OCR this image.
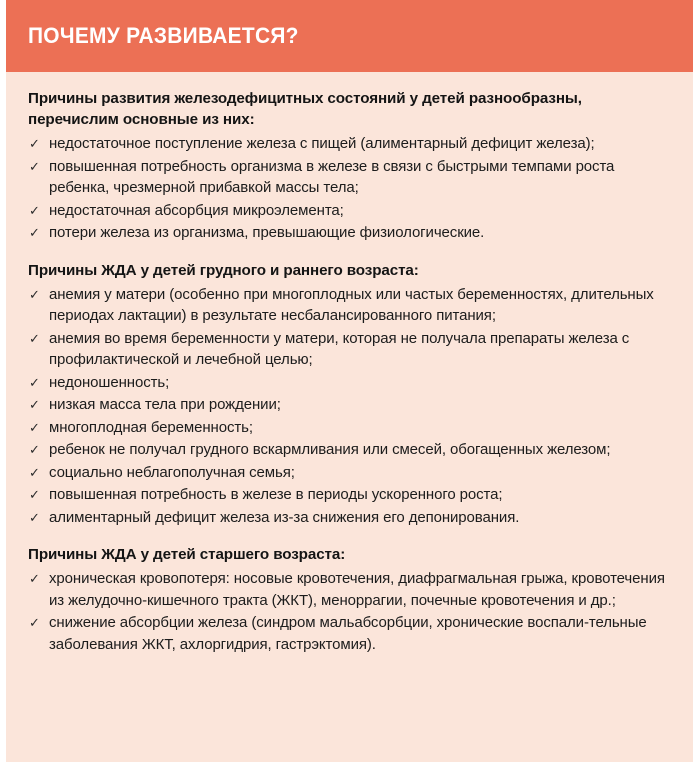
ПОЧЕМУ РАЗВИВАЕТСЯ?

Причины развития железодефицитных состояний у детей разнообразны, перечислим основные из них:

✓ недостаточное поступление железа с пищей (алиментарный дефицит железа);
✓ повышенная потребность организма в железе в связи с быстрыми темпами роста ребенка, чрезмерной прибавкой массы тела;
✓ недостаточная абсорбция микроэлемента;
✓ потери железа из организма, превышающие физиологические.

Причины ЖДА у детей грудного и раннего возраста:

✓ анемия у матери (особенно при многоплодных или частых беременностях, длительных периодах лактации) в результате несбалансированного питания;
✓ анемия во время беременности у матери, которая не получала препараты железа с профилактической и лечебной целью;
✓ недоношенность;
✓ низкая масса тела при рождении;
✓ многоплодная беременность;
✓ ребенок не получал грудного вскармливания или смесей, обогащенных железом;
✓ социально неблагополучная семья;
✓ повышенная потребность в железе в периоды ускоренного роста;
✓ алиментарный дефицит железа из-за снижения его депонирования.

Причины ЖДА у детей старшего возраста:

✓ хроническая кровопотеря: носовые кровотечения, диафрагмальная грыжа, кровотечения из желудочно-кишечного тракта (ЖКТ), меноррагии, почечные кровотечения и др.;
✓ снижение абсорбции железа (синдром мальабсорбции, хронические воспали-тельные заболевания ЖКТ, ахлоргидрия, гастрэктомия).
